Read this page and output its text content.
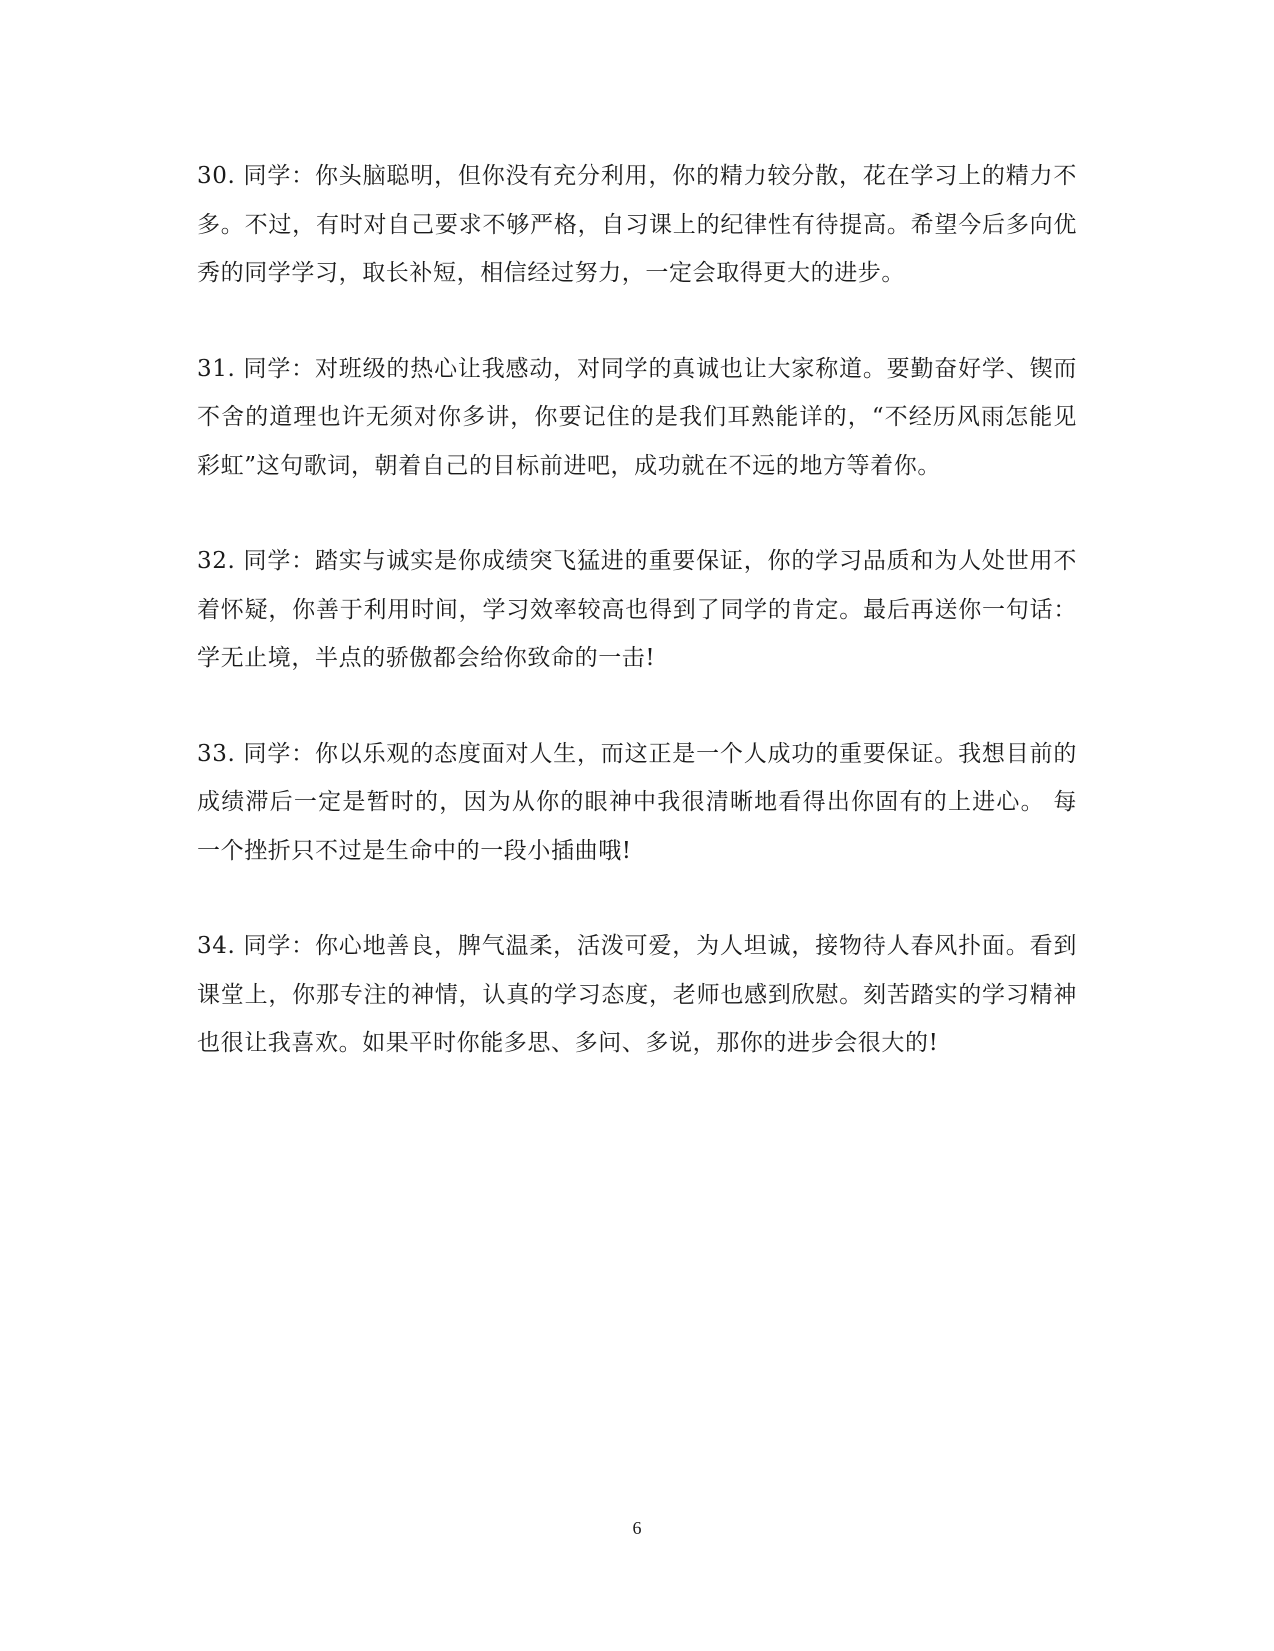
30. 同学：你头脑聪明，但你没有充分利用，你的精力较分散，花在学习上的精力不多。不过，有时对自己要求不够严格，自习课上的纪律性有待提高。希望今后多向优秀的同学学习，取长补短，相信经过努力，一定会取得更大的进步。

31. 同学：对班级的热心让我感动，对同学的真诚也让大家称道。要勤奋好学、锲而不舍的道理也许无须对你多讲，你要记住的是我们耳熟能详的，“不经历风雨怎能见彩虹”这句歌词，朝着自己的目标前进吧，成功就在不远的地方等着你。

32. 同学：踏实与诚实是你成绩突飞猛进的重要保证，你的学习品质和为人处世用不着怀疑，你善于利用时间，学习效率较高也得到了同学的肯定。最后再送你一句话：学无止境，半点的骄傲都会给你致命的一击!

33. 同学：你以乐观的态度面对人生，而这正是一个人成功的重要保证。我想目前的成绩滞后一定是暂时的，因为从你的眼神中我很清晰地看得出你固有的上进心。 每一个挫折只不过是生命中的一段小插曲哦!

34. 同学：你心地善良，脾气温柔，活泼可爱，为人坦诚，接物待人春风扑面。看到课堂上，你那专注的神情，认真的学习态度，老师也感到欣慰。刻苦踏实的学习精神也很让我喜欢。如果平时你能多思、多问、多说，那你的进步会很大的!

6
